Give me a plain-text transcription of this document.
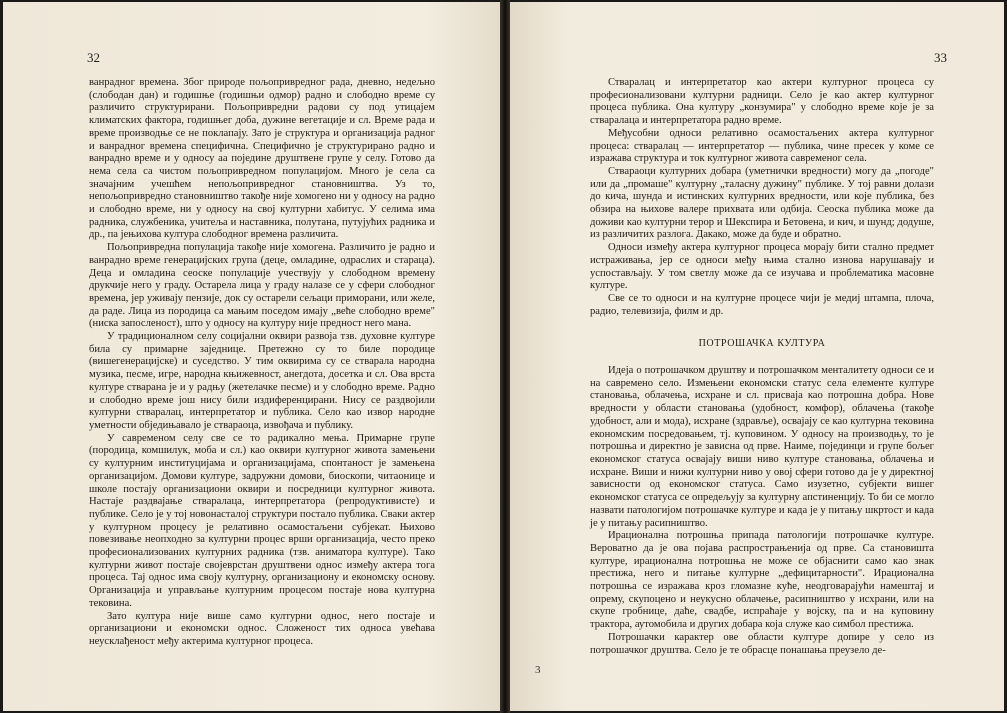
32

ванрадног времена. Због природе пољопривредног рада, дневно, недељно (слободан дан) и годишње (годишњи одмор) радно и слободно време су различито структурирани. Пољопривредни радови су под утицајем климатских фактора, годишњег доба, дужине вегетације и сл. Време рада и време производње се не поклапају. Зато је структура и организација радног и ванрадног времена специфична. Специфично је структурирано радно и ванрадно време и у односу аа поједине друштвене групе у селу. Готово да нема села са чистом пољопривредном популацијом. Много је села са значајним учешћем непољопривредног становништва. Уз то, непољопривредно становништво такође није хомогено ни у односу на радно и слободно време, ни у односу на свој културни хабитус. У селима има радника, службеника, учитеља и наставника, полутана, путујућих радника и др., па јењихова култура слободног времена различита.

Пољопривредна популација такође није хомогена. Различито је радно и ванрадно време генерацијских група (деце, омладине, одраслих и стараца). Деца и омладина сеоске популације учествују у слободном времену друкчије него у граду. Остарела лица у граду налазе се у сфери слободног времена, јер уживају пензије, док су остарели сељаци приморани, или желе, да раде. Лица из породица са мањим поседом имају „веће слободно време" (ниска запосленост), што у односу на културу није предност него мана.

У традиционалном селу социјални оквири развоја тзв. духовне културе била су примарне заједнице. Претежно су то биле породице (вишегенерацијске) и суседство. У тим оквирима су се стварала народна музика, песме, игре, народна књижевност, анегдота, досетка и сл. Ова врста културе стварана је и у радњу (жетелачке песме) и у слободно време. Радно и слободно време још нису били издиференцирани. Нису се раздвојили културни стваралац, интерпретатор и публика. Село као извор народне уметности обједињавало је ствараоца, извођача и публику.

У савременом селу све се то радикално мења. Примарне групе (породица, комшилук, моба и сл.) као оквири културног живота замењени су културним институцијама и организацијама, спонтаност је замењена организацијом. Домови културе, задружни домови, биоскопи, читаонице и школе постају организациони оквири и посредници културног живота. Настаје раздвајање стваралаца, интерпретатора (репродуктивисте) и публике. Село је у тој новонасталој структури постало публика. Сваки актер у културном процесу је релативно осамостаљени субјекат. Њихово повезивање неопходно за културни процес врши организација, често преко професионализованих културних радника (тзв. аниматора културе). Тако културни живот постаје својеврстан друштвени однос између актера тога процеса. Тај однос има своју културну, организациону и економску основу. Организација и управљање културним процесом постаје нова културна тековина.

Зато култура није више само културни однос, него постаје и организациони и економски однос. Сложеност тих односа увећава неусклађеност међу актерима културног процеса.

33

Стваралац и интерпретатор као актери културног процеса су професионализовани културни радници. Село је као актер културног процеса публика. Она културу „конзумира" у слободно време које је за стваралаца и интерпретатора радно време.

Међусобни односи релативно осамостаљених актера културног процеса: стваралац — интерпретатор — публика, чине пресек у коме се изражава структура и ток културног живота савременог села.

Ствараоци културних добара (уметнички вредности) могу да „погоде" или да „промаше" културну „таласну дужину" публике. У тој равни долази до кича, шунда и истинских културних вредности, или које публика, без обзира на њихове валере прихвата или одбија. Сеоска публика може да доживи као културни терор и Шекспира и Бетовена, и кич, и шунд; додуше, из различитих разлога. Дакако, може да буде и обратно.

Односи између актера културног процеса морају бити стално предмет истраживања, јер се односи међу њима стално изнова нарушавају и успостављају. У том светлу може да се изучава и проблематика масовне културе.

Све се то односи и на културне процесе чији је медиј штампа, плоча, радио, телевизија, филм и др.

ПОТРОШАЧКА КУЛТУРА

Идеја о потрошачком друштву и потрошачком менталитету односи се и на савремено село. Измењени економски статус села елементе културе становања, облачења, исхране и сл. присваја као потрошна добра. Нове вредности у области становања (удобност, комфор), облачења (такође удобност, али и мода), исхране (здравље), освајају се као културна тековина економским посредовањем, тј. куповином. У односу на производњу, то је потрошња и директно је зависна од прве. Наиме, појединци и групе бољег економског статуса освајају виши ниво културе становања, облачења и исхране. Виши и нижи културни ниво у овој сфери готово да је у директној зависности од економског статуса. Само изузетно, субјекти вишег економског статуса се опредељују за културну апстиненцију. То би се могло назвати патологијом потрошачке културе и када је у питању шкртост и када је у питању расипништво.

Ирационална потрошња припада патологији потрошачке културе. Вероватно да је ова појава распрострањенија од прве. Са становишта културе, ирационална потрошња не може се објаснити само као знак престижа, него и питање културне „дефицитарности". Ирационална потрошња се изражава кроз гломазне куће, неодговарајући намештај и опрему, скупоцено и неукусно облачење, расипништво у исхрани, или на скупе гробнице, даће, свадбе, испраћаје у војску, па и на куповину трактора, аутомобила и других добара која служе као симбол престижа.

Потрошачки карактер ове области културе допире у село из потрошачког друштва. Село је те обрасце понашања преузело де-

3
